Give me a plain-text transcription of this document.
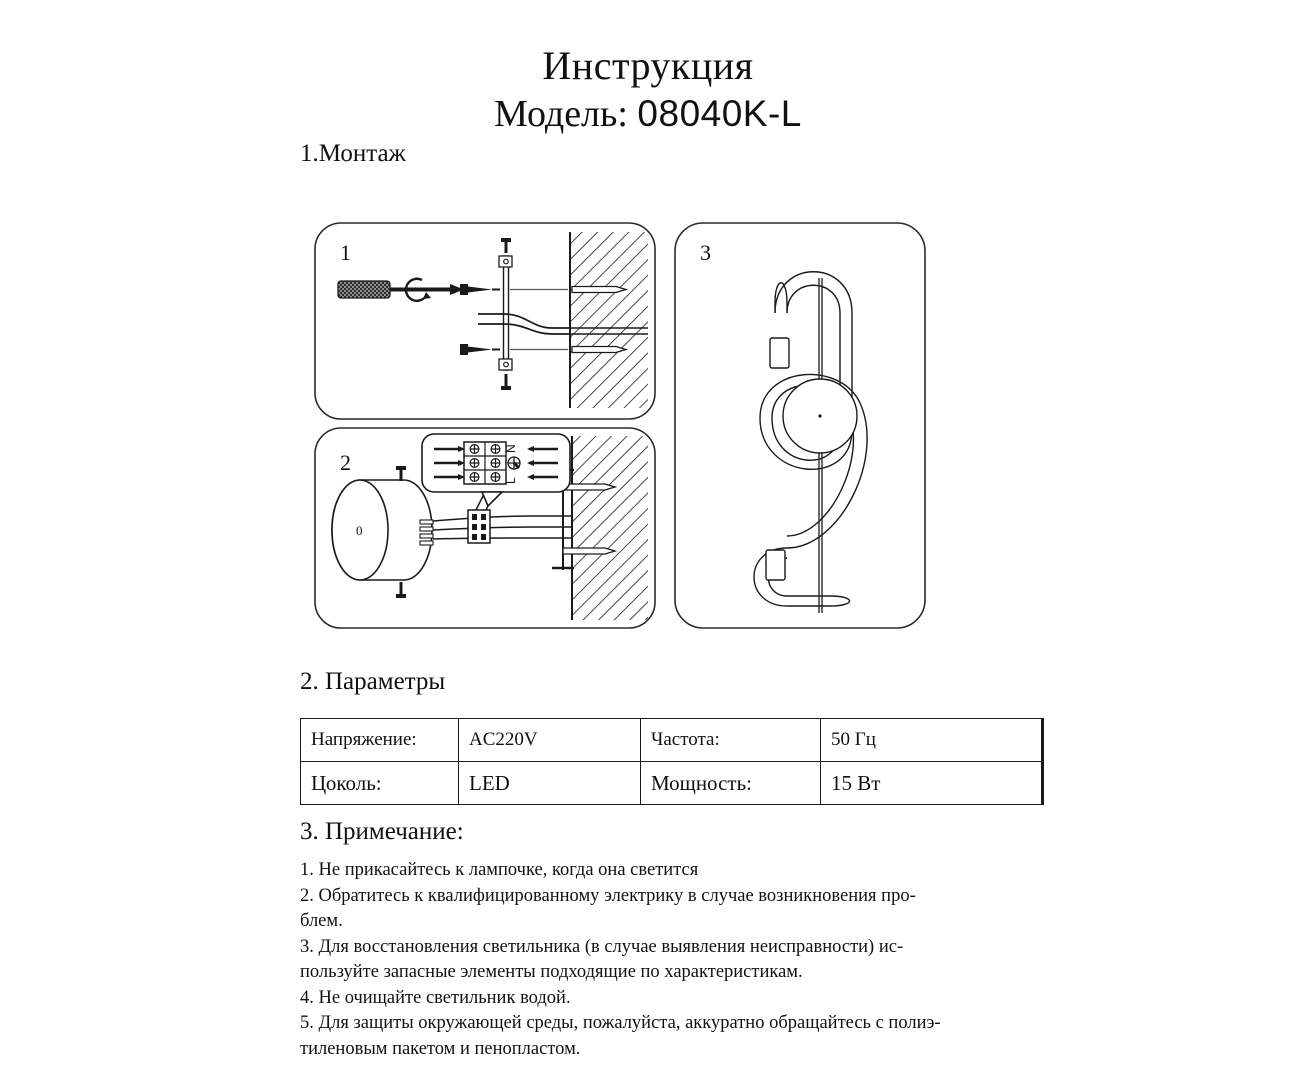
Инструкция
Модель: 08040K-L
1.Монтаж
1
2
0
N
L
3
2. Параметры
Напряжение:	AC220V	Частота:	50 Гц
Цоколь:	LED	Мощность:	15 Вт
3. Примечание:
1. Не прикасайтесь к лампочке, когда она светится
2. Обратитесь к квалифицированному электрику в случае возникновения про-
блем.
3. Для восстановления светильника (в случае выявления неисправности) ис-
пользуйте запасные элементы подходящие по характеристикам.
4. Не очищайте светильник водой.
5. Для защиты окружающей среды, пожалуйста, аккуратно обращайтесь с полиэ-
тиленовым пакетом и пенопластом.
